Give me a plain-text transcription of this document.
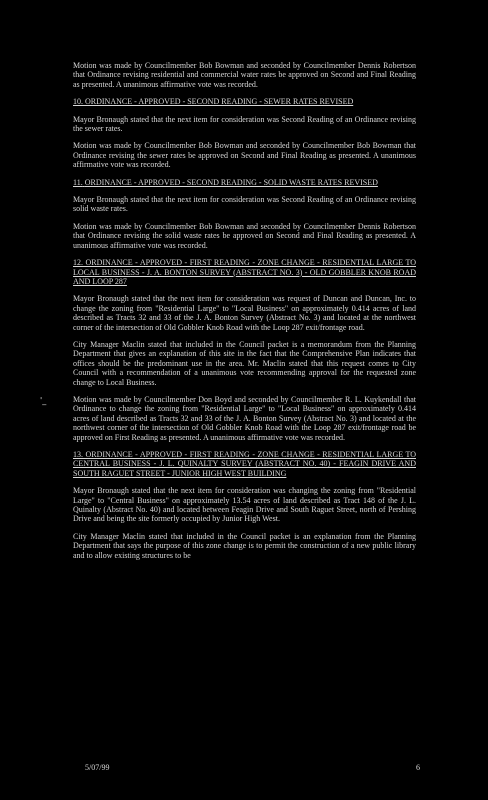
Motion was made by Councilmember Bob Bowman and seconded by Councilmember Dennis Robertson that Ordinance revising residential and commercial water rates be approved on Second and Final Reading as presented. A unanimous affirmative vote was recorded.

10. ORDINANCE - APPROVED - SECOND READING - SEWER RATES REVISED

Mayor Bronaugh stated that the next item for consideration was Second Reading of an Ordinance revising the sewer rates.

Motion was made by Councilmember Bob Bowman and seconded by Councilmember Bob Bowman that Ordinance revising the sewer rates be approved on Second and Final Reading as presented. A unanimous affirmative vote was recorded.

11. ORDINANCE - APPROVED - SECOND READING - SOLID WASTE RATES REVISED

Mayor Bronaugh stated that the next item for consideration was Second Reading of an Ordinance revising solid waste rates.

Motion was made by Councilmember Bob Bowman and seconded by Councilmember Dennis Robertson that Ordinance revising the solid waste rates be approved on Second and Final Reading as presented. A unanimous affirmative vote was recorded.

12. ORDINANCE - APPROVED - FIRST READING - ZONE CHANGE - RESIDENTIAL LARGE TO LOCAL BUSINESS - J. A. BONTON SURVEY (ABSTRACT NO. 3) - OLD GOBBLER KNOB ROAD AND LOOP 287

Mayor Bronaugh stated that the next item for consideration was request of Duncan and Duncan, Inc. to change the zoning from "Residential Large" to "Local Business" on approximately 0.414 acres of land described as Tracts 32 and 33 of the J. A. Bonton Survey (Abstract No. 3) and located at the northwest corner of the intersection of Old Gobbler Knob Road with the Loop 287 exit/frontage road.

City Manager Maclin stated that included in the Council packet is a memorandum from the Planning Department that gives an explanation of this site in the fact that the Comprehensive Plan indicates that offices should be the predominant use in the area. Mr. Maclin stated that this request comes to City Council with a recommendation of a unanimous vote recommending approval for the requested zone change to Local Business.

Motion was made by Councilmember Don Boyd and seconded by Councilmember R. L. Kuykendall that Ordinance to change the zoning from "Residential Large" to "Local Business" on approximately 0.414 acres of land described as Tracts 32 and 33 of the J. A. Bonton Survey (Abstract No. 3) and located at the northwest corner of the intersection of Old Gobbler Knob Road with the Loop 287 exit/frontage road be approved on First Reading as presented. A unanimous affirmative vote was recorded.

13. ORDINANCE - APPROVED - FIRST READING - ZONE CHANGE - RESIDENTIAL LARGE TO CENTRAL BUSINESS - J. L. QUINALTY SURVEY (ABSTRACT NO. 40) - FEAGIN DRIVE AND SOUTH RAGUET STREET - JUNIOR HIGH WEST BUILDING

Mayor Bronaugh stated that the next item for consideration was changing the zoning from "Residential Large" to "Central Business" on approximately 13.54 acres of land described as Tract 148 of the J. L. Quinalty (Abstract No. 40) and located between Feagin Drive and South Raguet Street, north of Pershing Drive and being the site formerly occupied by Junior High West.

City Manager Maclin stated that included in the Council packet is an explanation from the Planning Department that says the purpose of this zone change is to permit the construction of a new public library and to allow existing structures to be

'_
5/07/99	6
